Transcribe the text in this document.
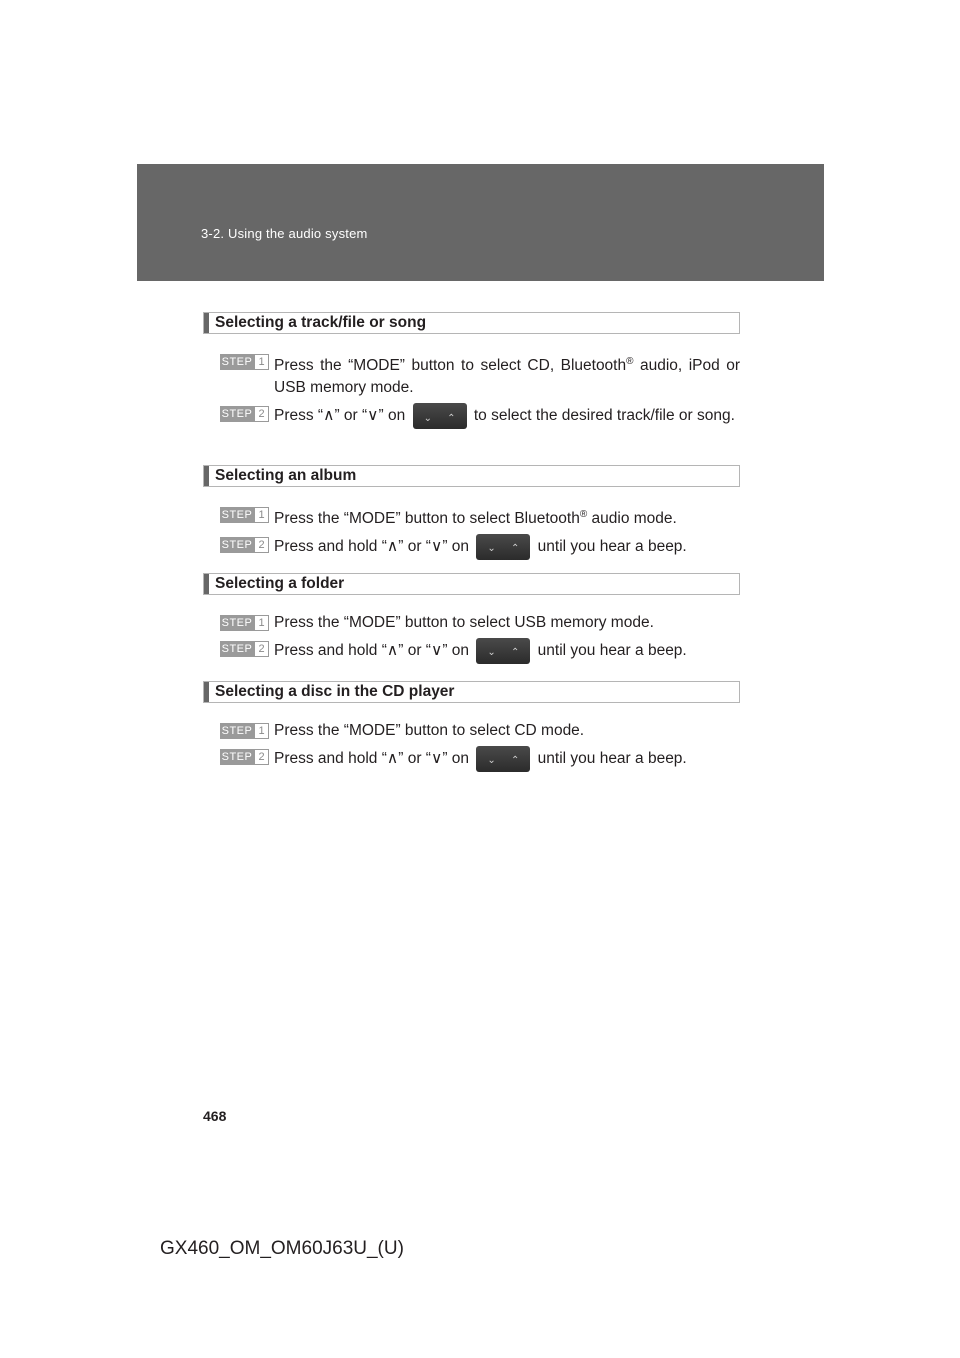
3-2. Using the audio system
Selecting a track/file or song
STEP 1 Press the “MODE” button to select CD, Bluetooth® audio, iPod or USB memory mode.
STEP 2 Press “∧” or “∨” on ⌄ ⌃ to select the desired track/file or song.
Selecting an album
STEP 1 Press the “MODE” button to select Bluetooth® audio mode.
STEP 2 Press and hold “∧” or “∨” on ⌄ ⌃ until you hear a beep.
Selecting a folder
STEP 1 Press the “MODE” button to select USB memory mode.
STEP 2 Press and hold “∧” or “∨” on ⌄ ⌃ until you hear a beep.
Selecting a disc in the CD player
STEP 1 Press the “MODE” button to select CD mode.
STEP 2 Press and hold “∧” or “∨” on ⌄ ⌃ until you hear a beep.
468
GX460_OM_OM60J63U_(U)
